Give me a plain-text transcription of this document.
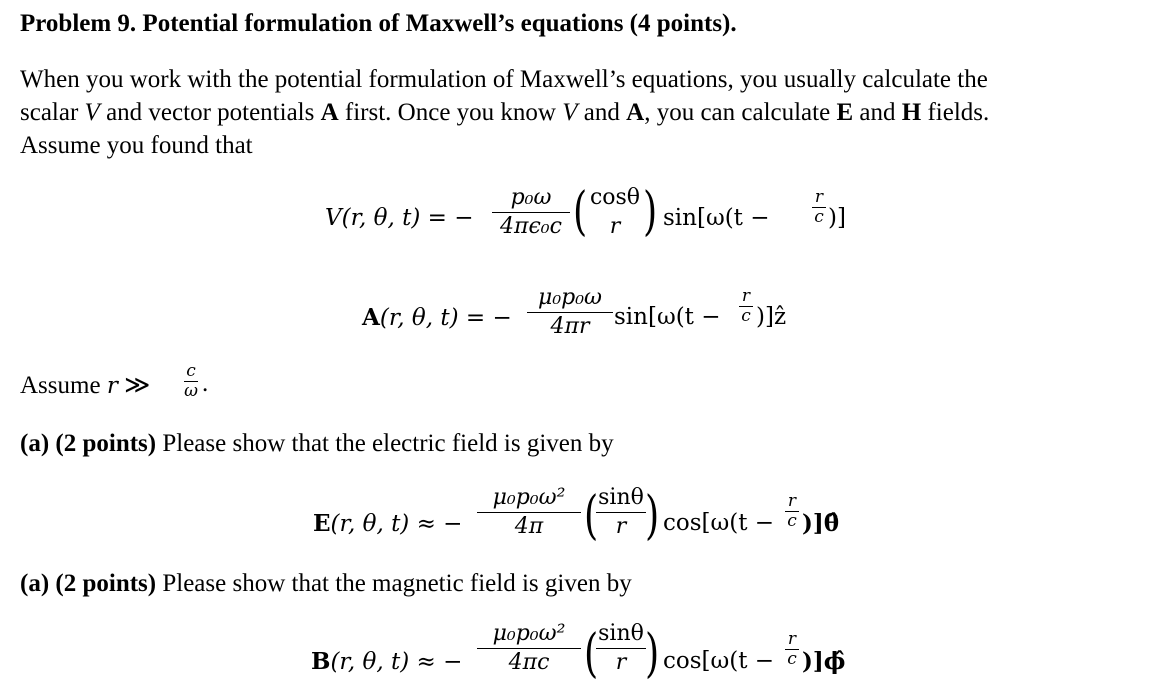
Problem 9. Potential formulation of Maxwell’s equations (4 points).
When you work with the potential formulation of Maxwell’s equations, you usually calculate the
scalar V and vector potentials A first. Once you know V and A, you can calculate E and H fields.
Assume you found that
V(r, θ, t) = −
p₀ω
4πϵ₀c ( cosθ
r ) sin[ω(t −
r
c )]
A(r, θ, t) = −
μ₀p₀ω
4πr	sin[ω(t −
r
c )]ẑ
Assume r ≫
c
ω .
(a) (2 points) Please show that the electric field is given by
E(r, θ, t) ≈ −
μ₀p₀ω²
4π ( sinθ
r ) cos[ω(t −
r
c )]θ̂
(a) (2 points) Please show that the magnetic field is given by
B(r, θ, t) ≈ −
μ₀p₀ω²
4πc ( sinθ
r ) cos[ω(t −
r
c )]ϕ̂
